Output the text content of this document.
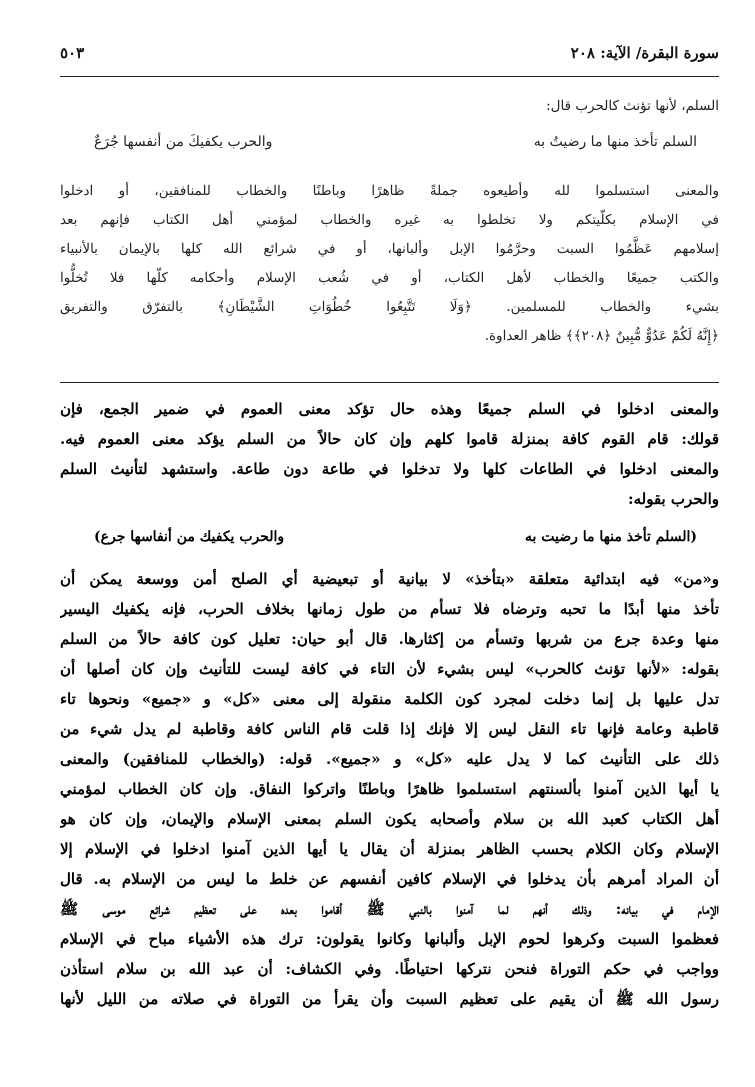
سورة البقرة/ الآية: ٢٠٨
٥٠٣
السلم، لأنها تؤنث كالحرب قال:
السلم تأخذ منها ما رضيتُ به
والحرب يكفيكَ من أنفسها جُرَعٌ
والمعنى استسلموا لله وأطيعوه جملةً ظاهرًا وباطنًا والخطاب للمنافقين، أو ادخلوا
في الإسلام بكلّيتكم ولا تخلطوا به غيره والخطاب لمؤمني أهل الكتاب فإنهم بعد
إسلامهم عَظَّمُوا السبت وحرَّمُوا الإبل وألبانها، أو في شرائع الله كلها بالإيمان بالأنبياء
والكتب جميعًا والخطاب لأهل الكتاب، أو في شُعب الإسلام وأحكامه كلّها فلا تُخلُّوا
بشيء والخطاب للمسلمين. ﴿وَلَا تَتَّبِعُوا خُطُوَاتِ الشَّيْطَانِ﴾ بالتفرّق والتفريق
﴿إِنَّهُ لَكُمْ عَدُوٌّ مُّبِينٌ ﴿٢٠٨﴾﴾ ظاهر العداوة.
والمعنى ادخلوا في السلم جميعًا وهذه حال تؤكد معنى العموم في ضمير الجمع، فإن
قولك: قام القوم كافة بمنزلة قاموا كلهم وإن كان حالاً من السلم يؤكد معنى العموم فيه.
والمعنى ادخلوا في الطاعات كلها ولا تدخلوا في طاعة دون طاعة. واستشهد لتأنيث السلم
والحرب بقوله:
(السلم تأخذ منها ما رضيت به
والحرب يكفيك من أنفاسها جرع)
و«من» فيه ابتدائية متعلقة «بتأخذ» لا بيانية أو تبعيضية أي الصلح أمن ووسعة يمكن أن
تأخذ منها أبدًا ما تحبه وترضاه فلا تسأم من طول زمانها بخلاف الحرب، فإنه يكفيك اليسير
منها وعدة جرع من شربها وتسأم من إكثارها. قال أبو حيان: تعليل كون كافة حالاً من السلم
بقوله: «لأنها تؤنث كالحرب» ليس بشيء لأن التاء في كافة ليست للتأنيث وإن كان أصلها أن
تدل عليها بل إنما دخلت لمجرد كون الكلمة منقولة إلى معنى «كل» و «جميع» ونحوها تاء
قاطبة وعامة فإنها تاء النقل ليس إلا فإنك إذا قلت قام الناس كافة وقاطبة لم يدل شيء من
ذلك على التأنيث كما لا يدل عليه «كل» و «جميع». قوله: (والخطاب للمنافقين) والمعنى
يا أيها الذين آمنوا بألسنتهم استسلموا ظاهرًا وباطنًا واتركوا النفاق. وإن كان الخطاب لمؤمني
أهل الكتاب كعبد الله بن سلام وأصحابه يكون السلم بمعنى الإسلام والإيمان، وإن كان هو
الإسلام وكان الكلام بحسب الظاهر بمنزلة أن يقال يا أيها الذين آمنوا ادخلوا في الإسلام إلا
أن المراد أمرهم بأن يدخلوا في الإسلام كافين أنفسهم عن خلط ما ليس من الإسلام به. قال
الإمام في بيانه: وذلك أنهم لما آمنوا بالنبي ﷺ أقاموا بعده على تعظيم شرائع موسى ﷺ
فعظموا السبت وكرهوا لحوم الإبل وألبانها وكانوا يقولون: ترك هذه الأشياء مباح في الإسلام
وواجب في حكم التوراة فنحن نتركها احتياطًا. وفي الكشاف: أن عبد الله بن سلام استأذن
رسول الله ﷺ أن يقيم على تعظيم السبت وأن يقرأ من التوراة في صلاته من الليل لأنها
